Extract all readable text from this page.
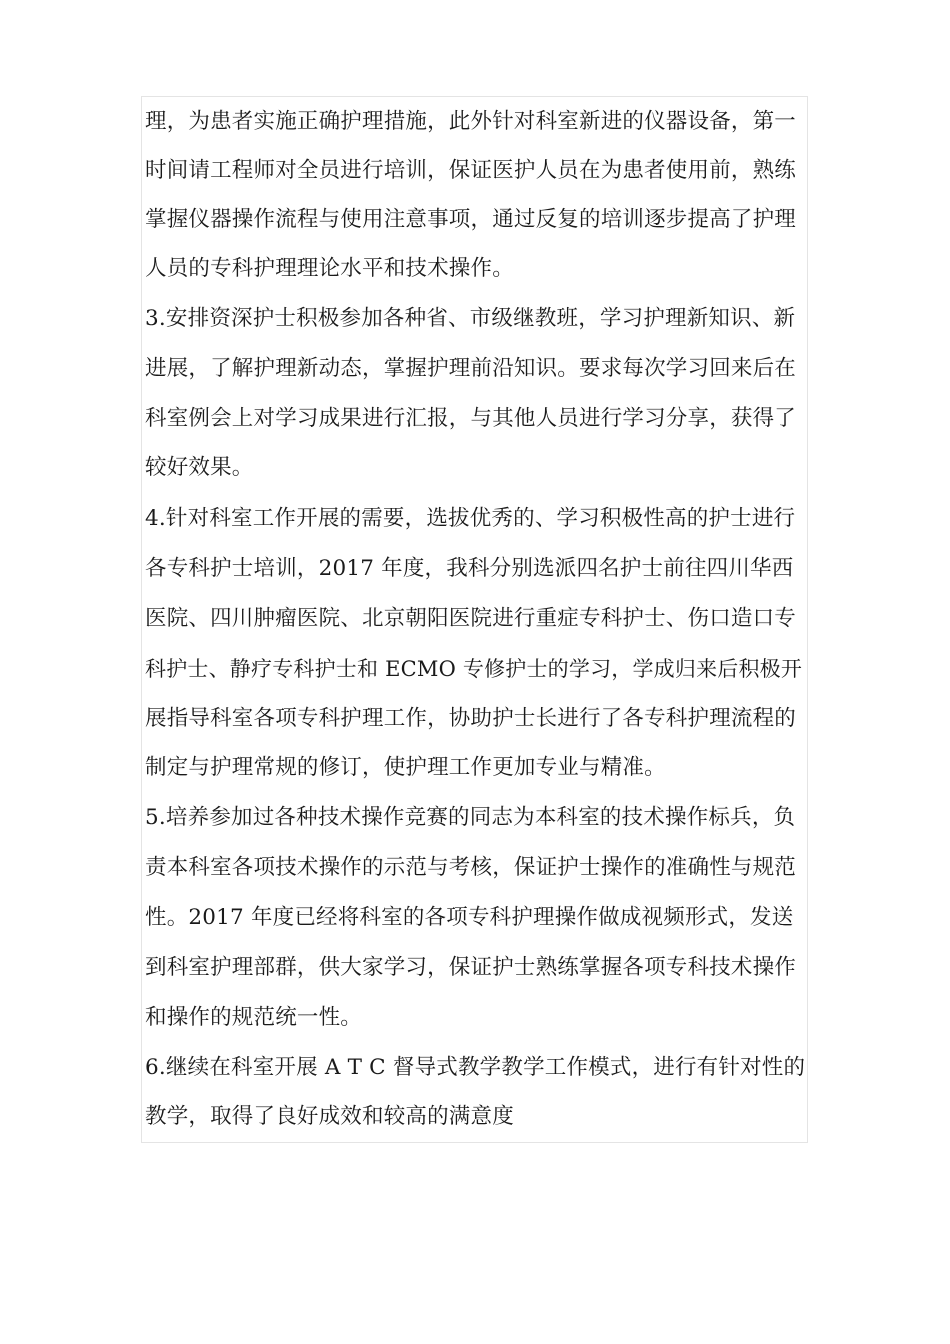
理，为患者实施正确护理措施，此外针对科室新进的仪器设备，第一
时间请工程师对全员进行培训，保证医护人员在为患者使用前，熟练
掌握仪器操作流程与使用注意事项，通过反复的培训逐步提高了护理
人员的专科护理理论水平和技术操作。
3.安排资深护士积极参加各种省、市级继教班，学习护理新知识、新
进展，了解护理新动态，掌握护理前沿知识。要求每次学习回来后在
科室例会上对学习成果进行汇报，与其他人员进行学习分享，获得了
较好效果。
4.针对科室工作开展的需要，选拔优秀的、学习积极性高的护士进行
各专科护士培训，2017 年度，我科分别选派四名护士前往四川华西
医院、四川肿瘤医院、北京朝阳医院进行重症专科护士、伤口造口专
科护士、静疗专科护士和 ECMO 专修护士的学习，学成归来后积极开
展指导科室各项专科护理工作，协助护士长进行了各专科护理流程的
制定与护理常规的修订，使护理工作更加专业与精准。
5.培养参加过各种技术操作竞赛的同志为本科室的技术操作标兵，负
责本科室各项技术操作的示范与考核，保证护士操作的准确性与规范
性。2017 年度已经将科室的各项专科护理操作做成视频形式，发送
到科室护理部群，供大家学习，保证护士熟练掌握各项专科技术操作
和操作的规范统一性。
6.继续在科室开展 A T C 督导式教学教学工作模式，进行有针对性的
教学，取得了良好成效和较高的满意度
